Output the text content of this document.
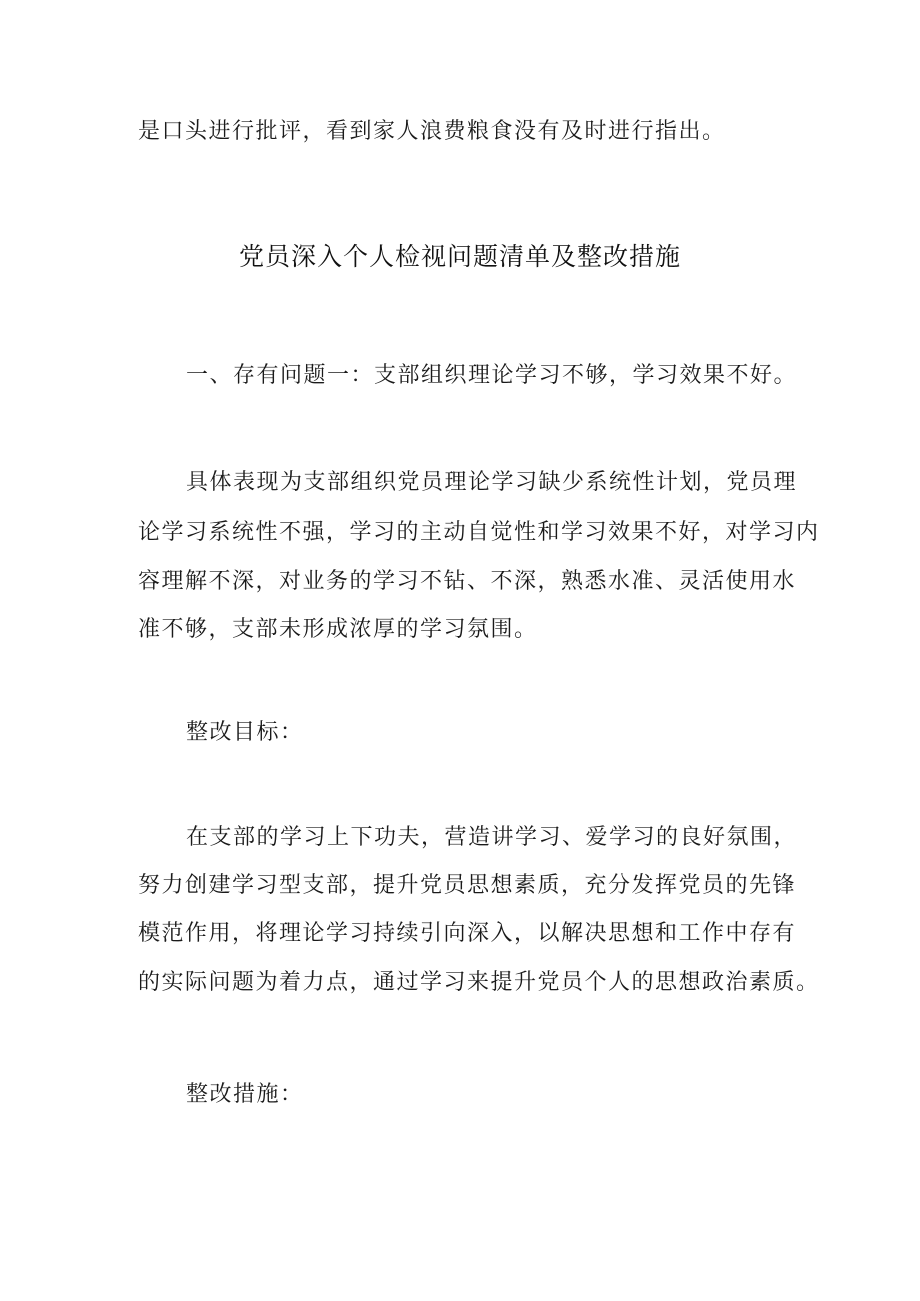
是口头进行批评，看到家人浪费粮食没有及时进行指出。
党员深入个人检视问题清单及整改措施
一、存有问题一：支部组织理论学习不够，学习效果不好。
具体表现为支部组织党员理论学习缺少系统性计划，党员理
论学习系统性不强，学习的主动自觉性和学习效果不好，对学习内
容理解不深，对业务的学习不钻、不深，熟悉水准、灵活使用水
准不够，支部未形成浓厚的学习氛围。
整改目标：
在支部的学习上下功夫，营造讲学习、爱学习的良好氛围，
努力创建学习型支部，提升党员思想素质，充分发挥党员的先锋
模范作用，将理论学习持续引向深入，以解决思想和工作中存有
的实际问题为着力点，通过学习来提升党员个人的思想政治素质。
整改措施：
